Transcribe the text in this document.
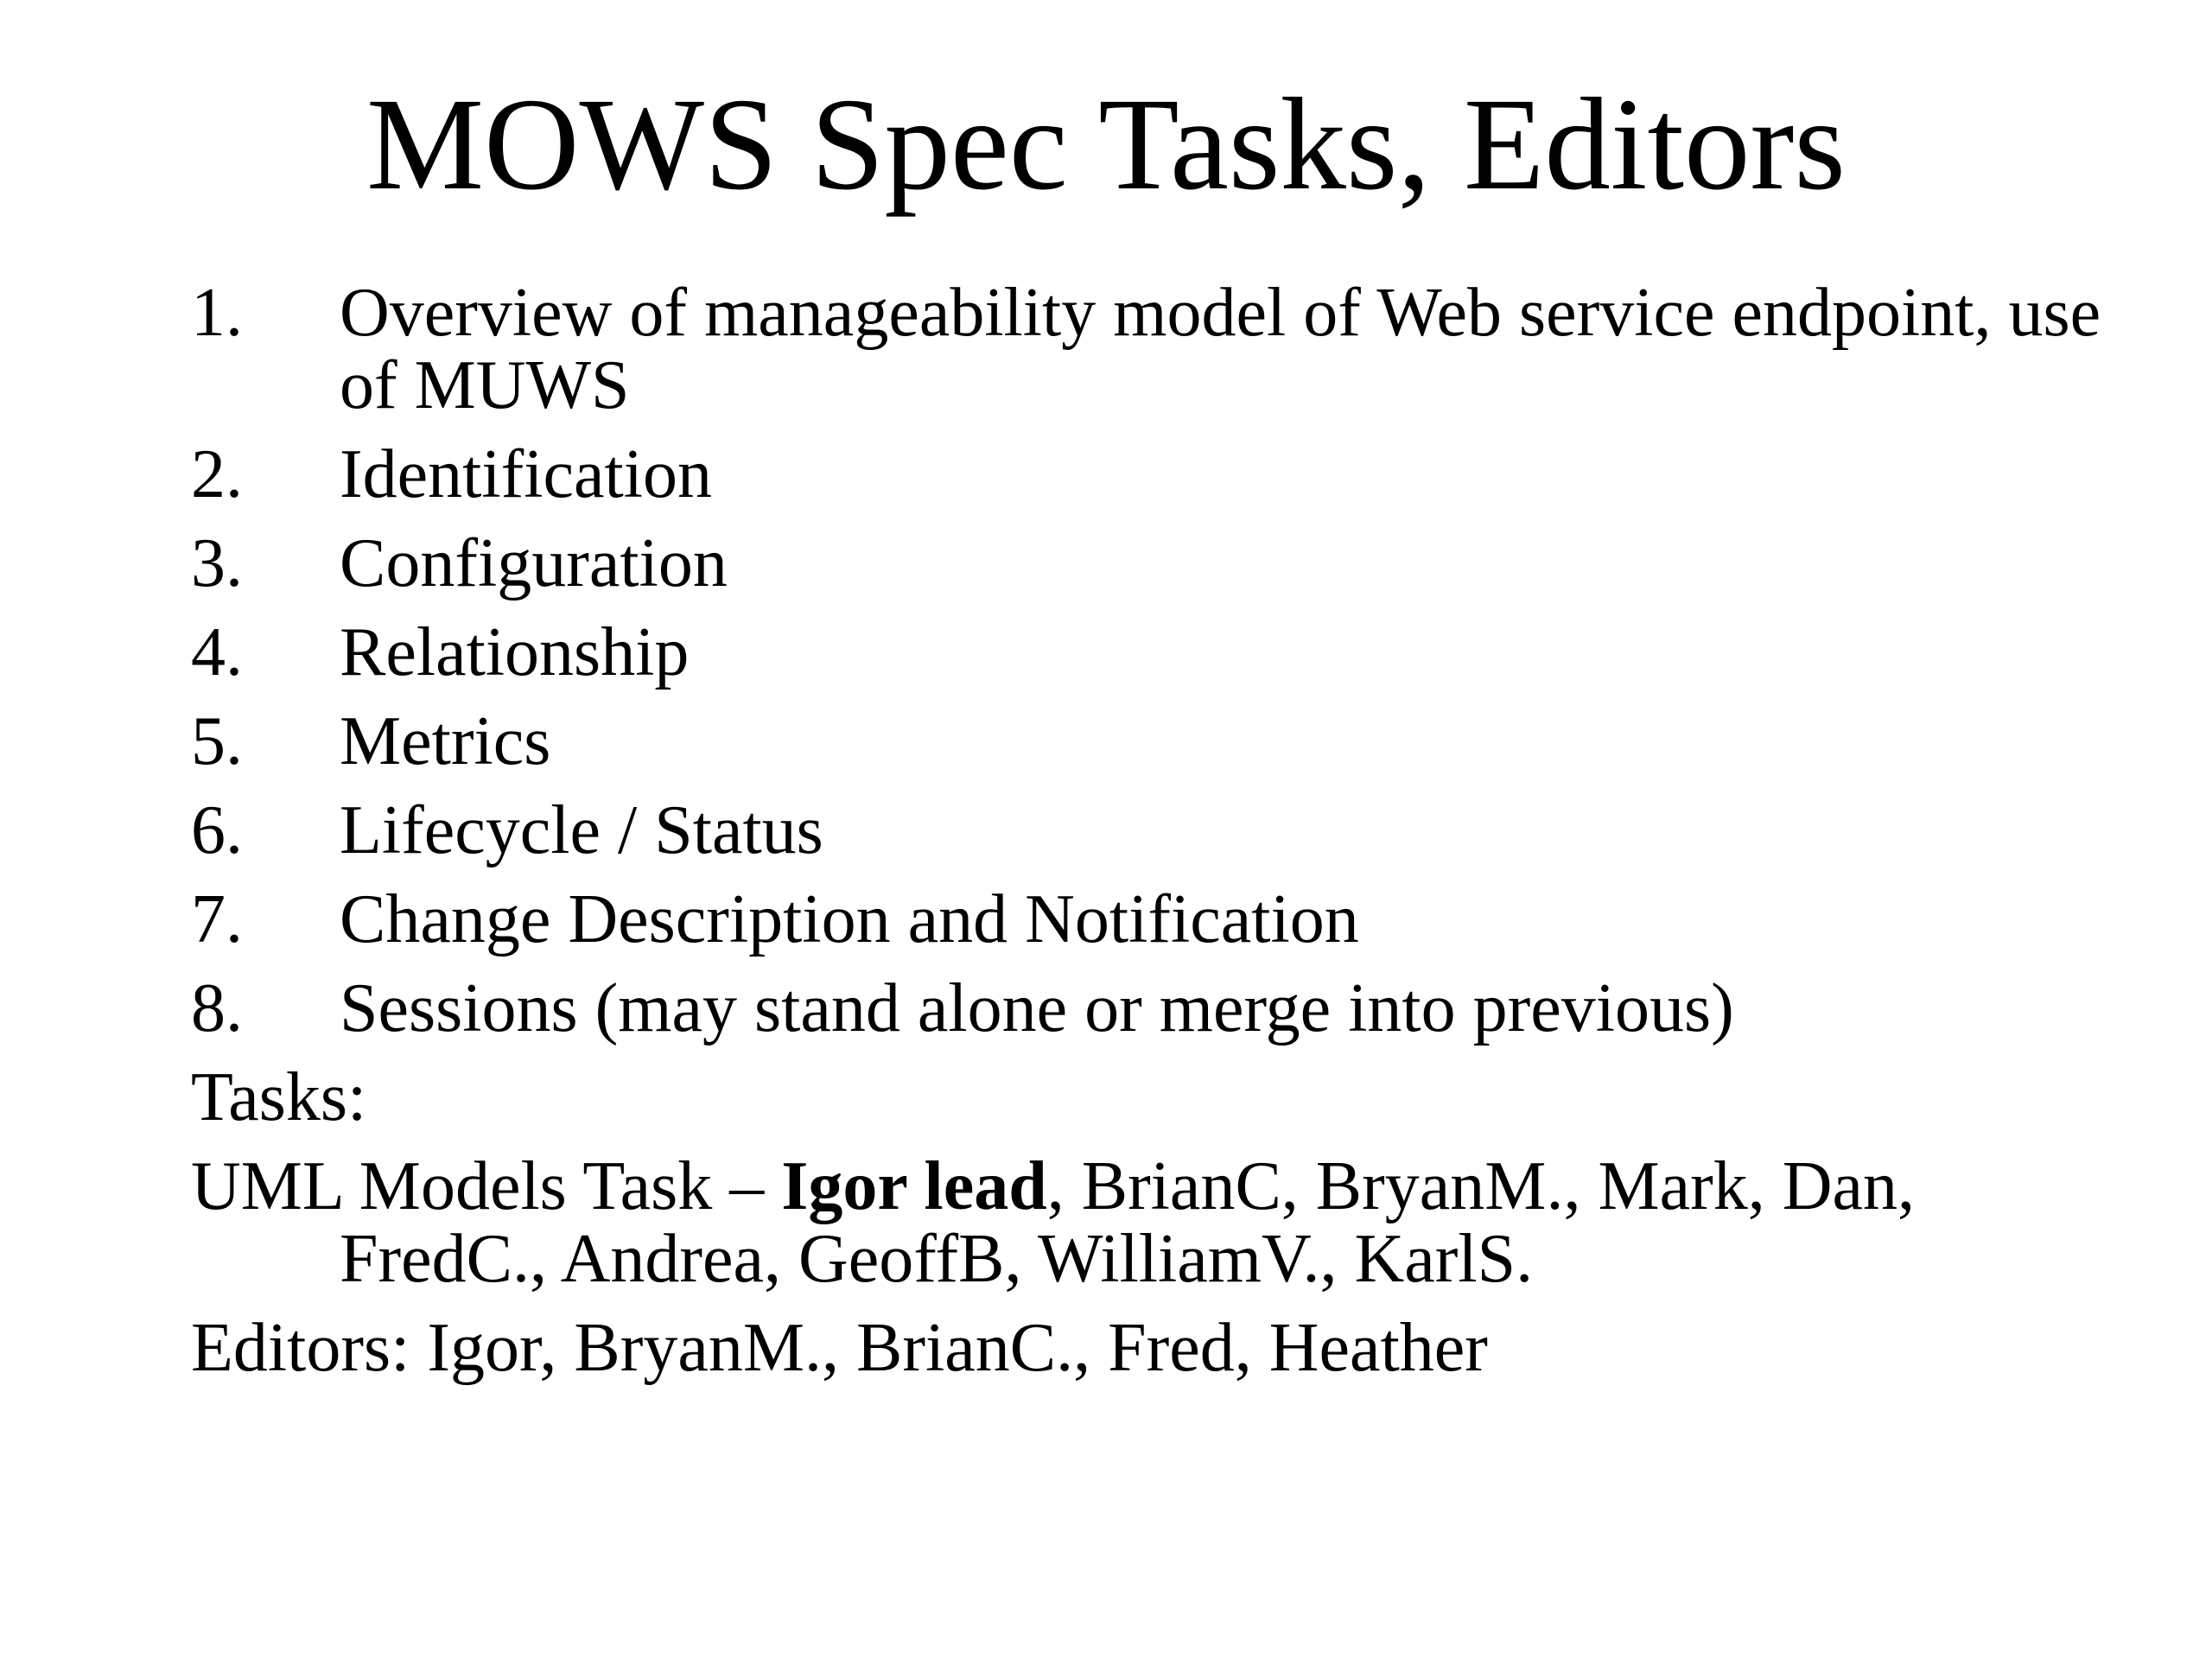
MOWS Spec Tasks, Editors
1. Overview of manageability model of Web service endpoint, use of MUWS
2. Identification
3. Configuration
4. Relationship
5. Metrics
6. Lifecycle / Status
7. Change Description and Notification
8. Sessions (may stand alone or merge into previous)
Tasks:
UML Models Task – Igor lead, BrianC, BryanM., Mark, Dan, FredC., Andrea, GeoffB, WilliamV., KarlS.
Editors: Igor, BryanM., BrianC., Fred, Heather
